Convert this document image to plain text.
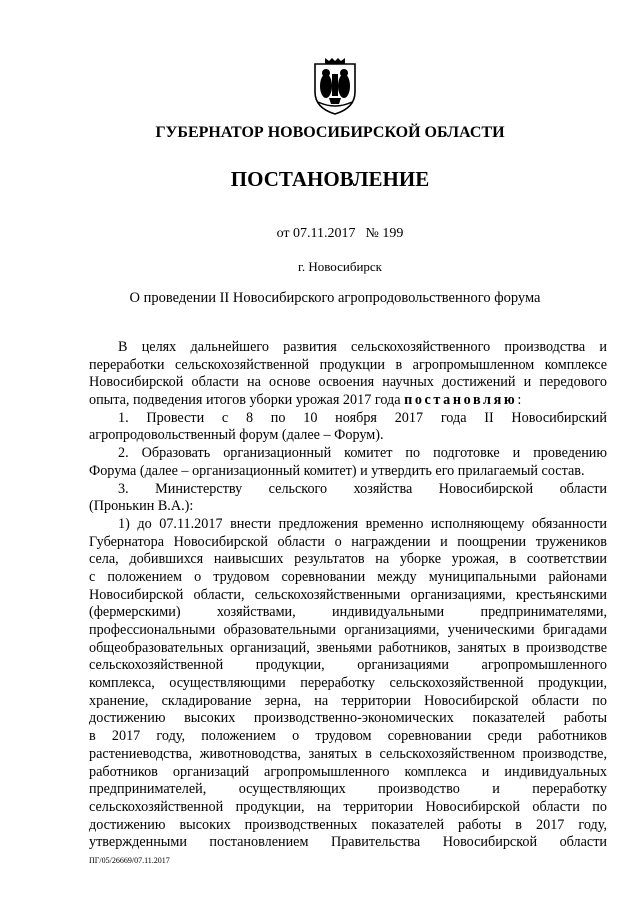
ГУБЕРНАТОР НОВОСИБИРСКОЙ ОБЛАСТИ
ПОСТАНОВЛЕНИЕ
от 07.11.2017 № 199
г. Новосибирск
О проведении II Новосибирского агропродовольственного форума
В целях дальнейшего развития сельскохозяйственного производства и
переработки сельскохозяйственной продукции в агропромышленном комплексе
Новосибирской области на основе освоения научных достижений и передового
опыта, подведения итогов уборки урожая 2017 года постановляю:
1. Провести с 8 по 10 ноября 2017 года II Новосибирский
агропродовольственный форум (далее – Форум).
2. Образовать организационный комитет по подготовке и проведению
Форума (далее – организационный комитет) и утвердить его прилагаемый состав.
3. Министерству сельского хозяйства Новосибирской области
(Пронькин В.А.):
1) до 07.11.2017 внести предложения временно исполняющему обязанности
Губернатора Новосибирской области о награждении и поощрении тружеников
села, добившихся наивысших результатов на уборке урожая, в соответствии
с положением о трудовом соревновании между муниципальными районами
Новосибирской области, сельскохозяйственными организациями, крестьянскими
(фермерскими) хозяйствами, индивидуальными предпринимателями,
профессиональными образовательными организациями, ученическими бригадами
общеобразовательных организаций, звеньями работников, занятых в производстве
сельскохозяйственной продукции, организациями агропромышленного
комплекса, осуществляющими переработку сельскохозяйственной продукции,
хранение, складирование зерна, на территории Новосибирской области по
достижению высоких производственно-экономических показателей работы
в 2017 году, положением о трудовом соревновании среди работников
растениеводства, животноводства, занятых в сельскохозяйственном производстве,
работников организаций агропромышленного комплекса и индивидуальных
предпринимателей, осуществляющих производство и переработку
сельскохозяйственной продукции, на территории Новосибирской области по
достижению высоких производственных показателей работы в 2017 году,
утвержденными постановлением Правительства Новосибирской области
ПГ/05/26669/07.11.2017
